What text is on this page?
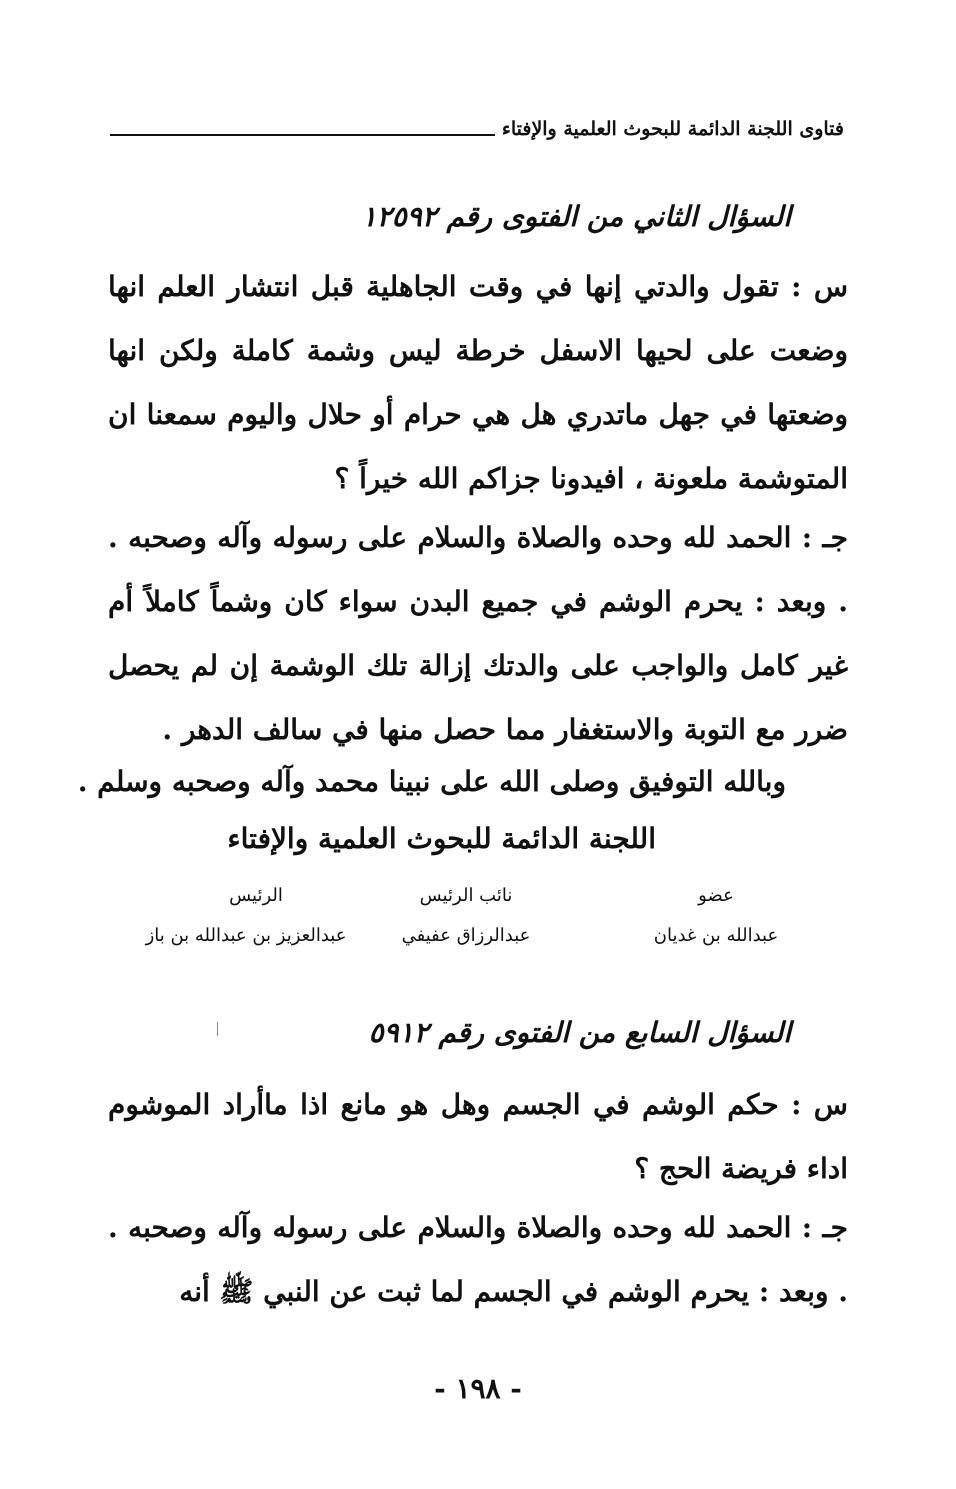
فتاوى اللجنة الدائمة للبحوث العلمية والإفتاء
السؤال الثاني من الفتوى رقم ١٢٥٩٢

س : تقول والدتي إنها في وقت الجاهلية قبل انتشار العلم انها وضعت على لحيها الاسفل خرطة ليس وشمة كاملة ولكن انها وضعتها في جهل ماتدري هل هي حرام أو حلال واليوم سمعنا ان المتوشمة ملعونة ، افيدونا جزاكم الله خيراً ؟

جـ : الحمد لله وحده والصلاة والسلام على رسوله وآله وصحبه . . وبعد : يحرم الوشم في جميع البدن سواء كان وشماً كاملاً أم غير كامل والواجب على والدتك إزالة تلك الوشمة إن لم يحصل ضرر مع التوبة والاستغفار مما حصل منها في سالف الدهر .

وبالله التوفيق وصلى الله على نبينا محمد وآله وصحبه وسلم .
اللجنة الدائمة للبحوث العلمية والإفتاء
عضو
عبدالله بن غديان
نائب الرئيس
عبدالرزاق عفيفي
الرئيس
عبدالعزيز بن عبدالله بن باز
السؤال السابع من الفتوى رقم ٥٩١٢

س : حكم الوشم في الجسم وهل هو مانع اذا ماأراد الموشوم اداء فريضة الحج ؟

جـ : الحمد لله وحده والصلاة والسلام على رسوله وآله وصحبه . . وبعد : يحرم الوشم في الجسم لما ثبت عن النبي ﷺ أنه

- ١٩٨ -
